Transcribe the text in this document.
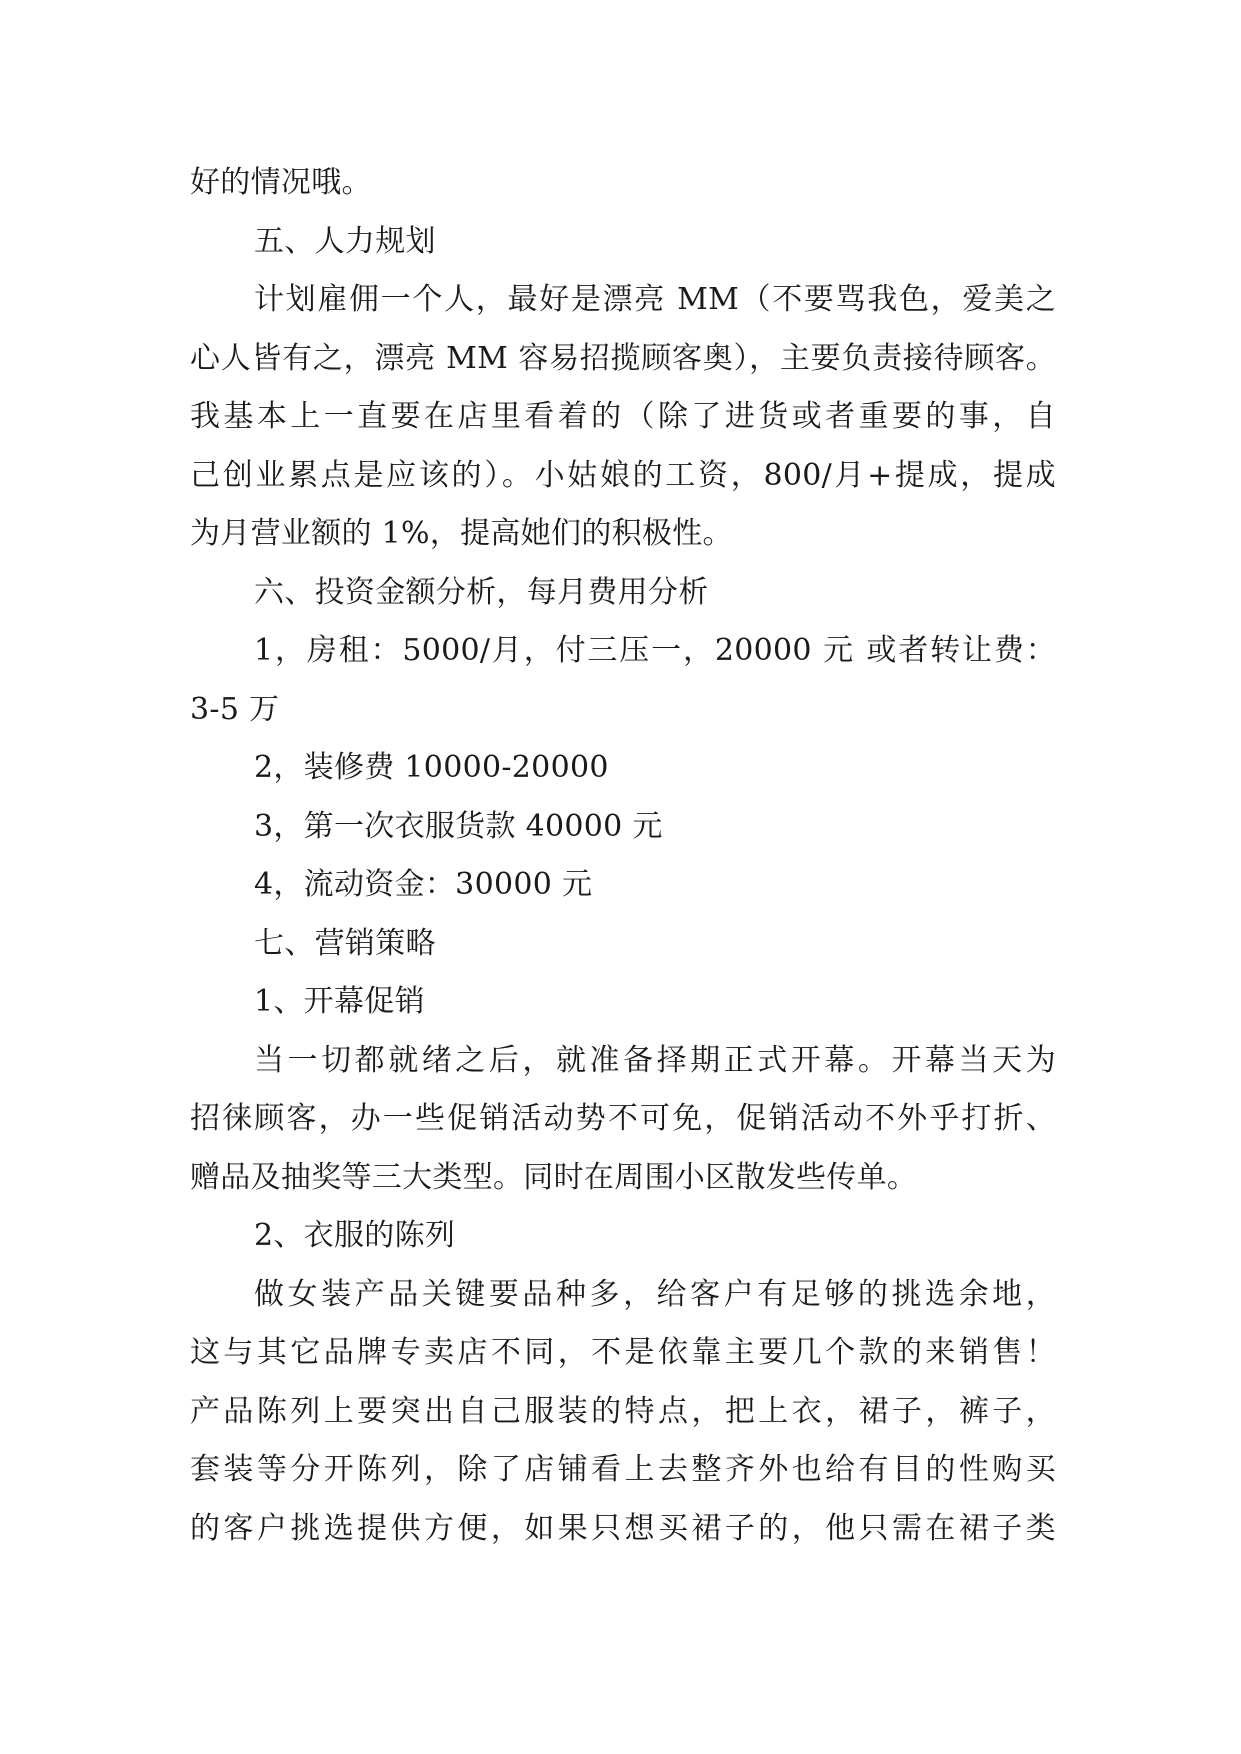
好的情况哦。
五、人力规划
计划雇佣一个人，最好是漂亮 MM（不要骂我色，爱美之
心人皆有之，漂亮 MM 容易招揽顾客奥），主要负责接待顾客。
我基本上一直要在店里看着的（除了进货或者重要的事，自
己创业累点是应该的）。小姑娘的工资，800/月+提成，提成
为月营业额的 1%，提高她们的积极性。
六、投资金额分析，每月费用分析
1，房租：5000/月，付三压一，20000 元 或者转让费：
3-5 万
2，装修费 10000-20000
3，第一次衣服货款 40000 元
4，流动资金：30000 元
七、营销策略
1、开幕促销
当一切都就绪之后，就准备择期正式开幕。开幕当天为
招徕顾客，办一些促销活动势不可免，促销活动不外乎打折、
赠品及抽奖等三大类型。同时在周围小区散发些传单。
2、衣服的陈列
做女装产品关键要品种多，给客户有足够的挑选余地，
这与其它品牌专卖店不同，不是依靠主要几个款的来销售！
产品陈列上要突出自己服装的特点，把上衣，裙子，裤子，
套装等分开陈列，除了店铺看上去整齐外也给有目的性购买
的客户挑选提供方便，如果只想买裙子的，他只需在裙子类
